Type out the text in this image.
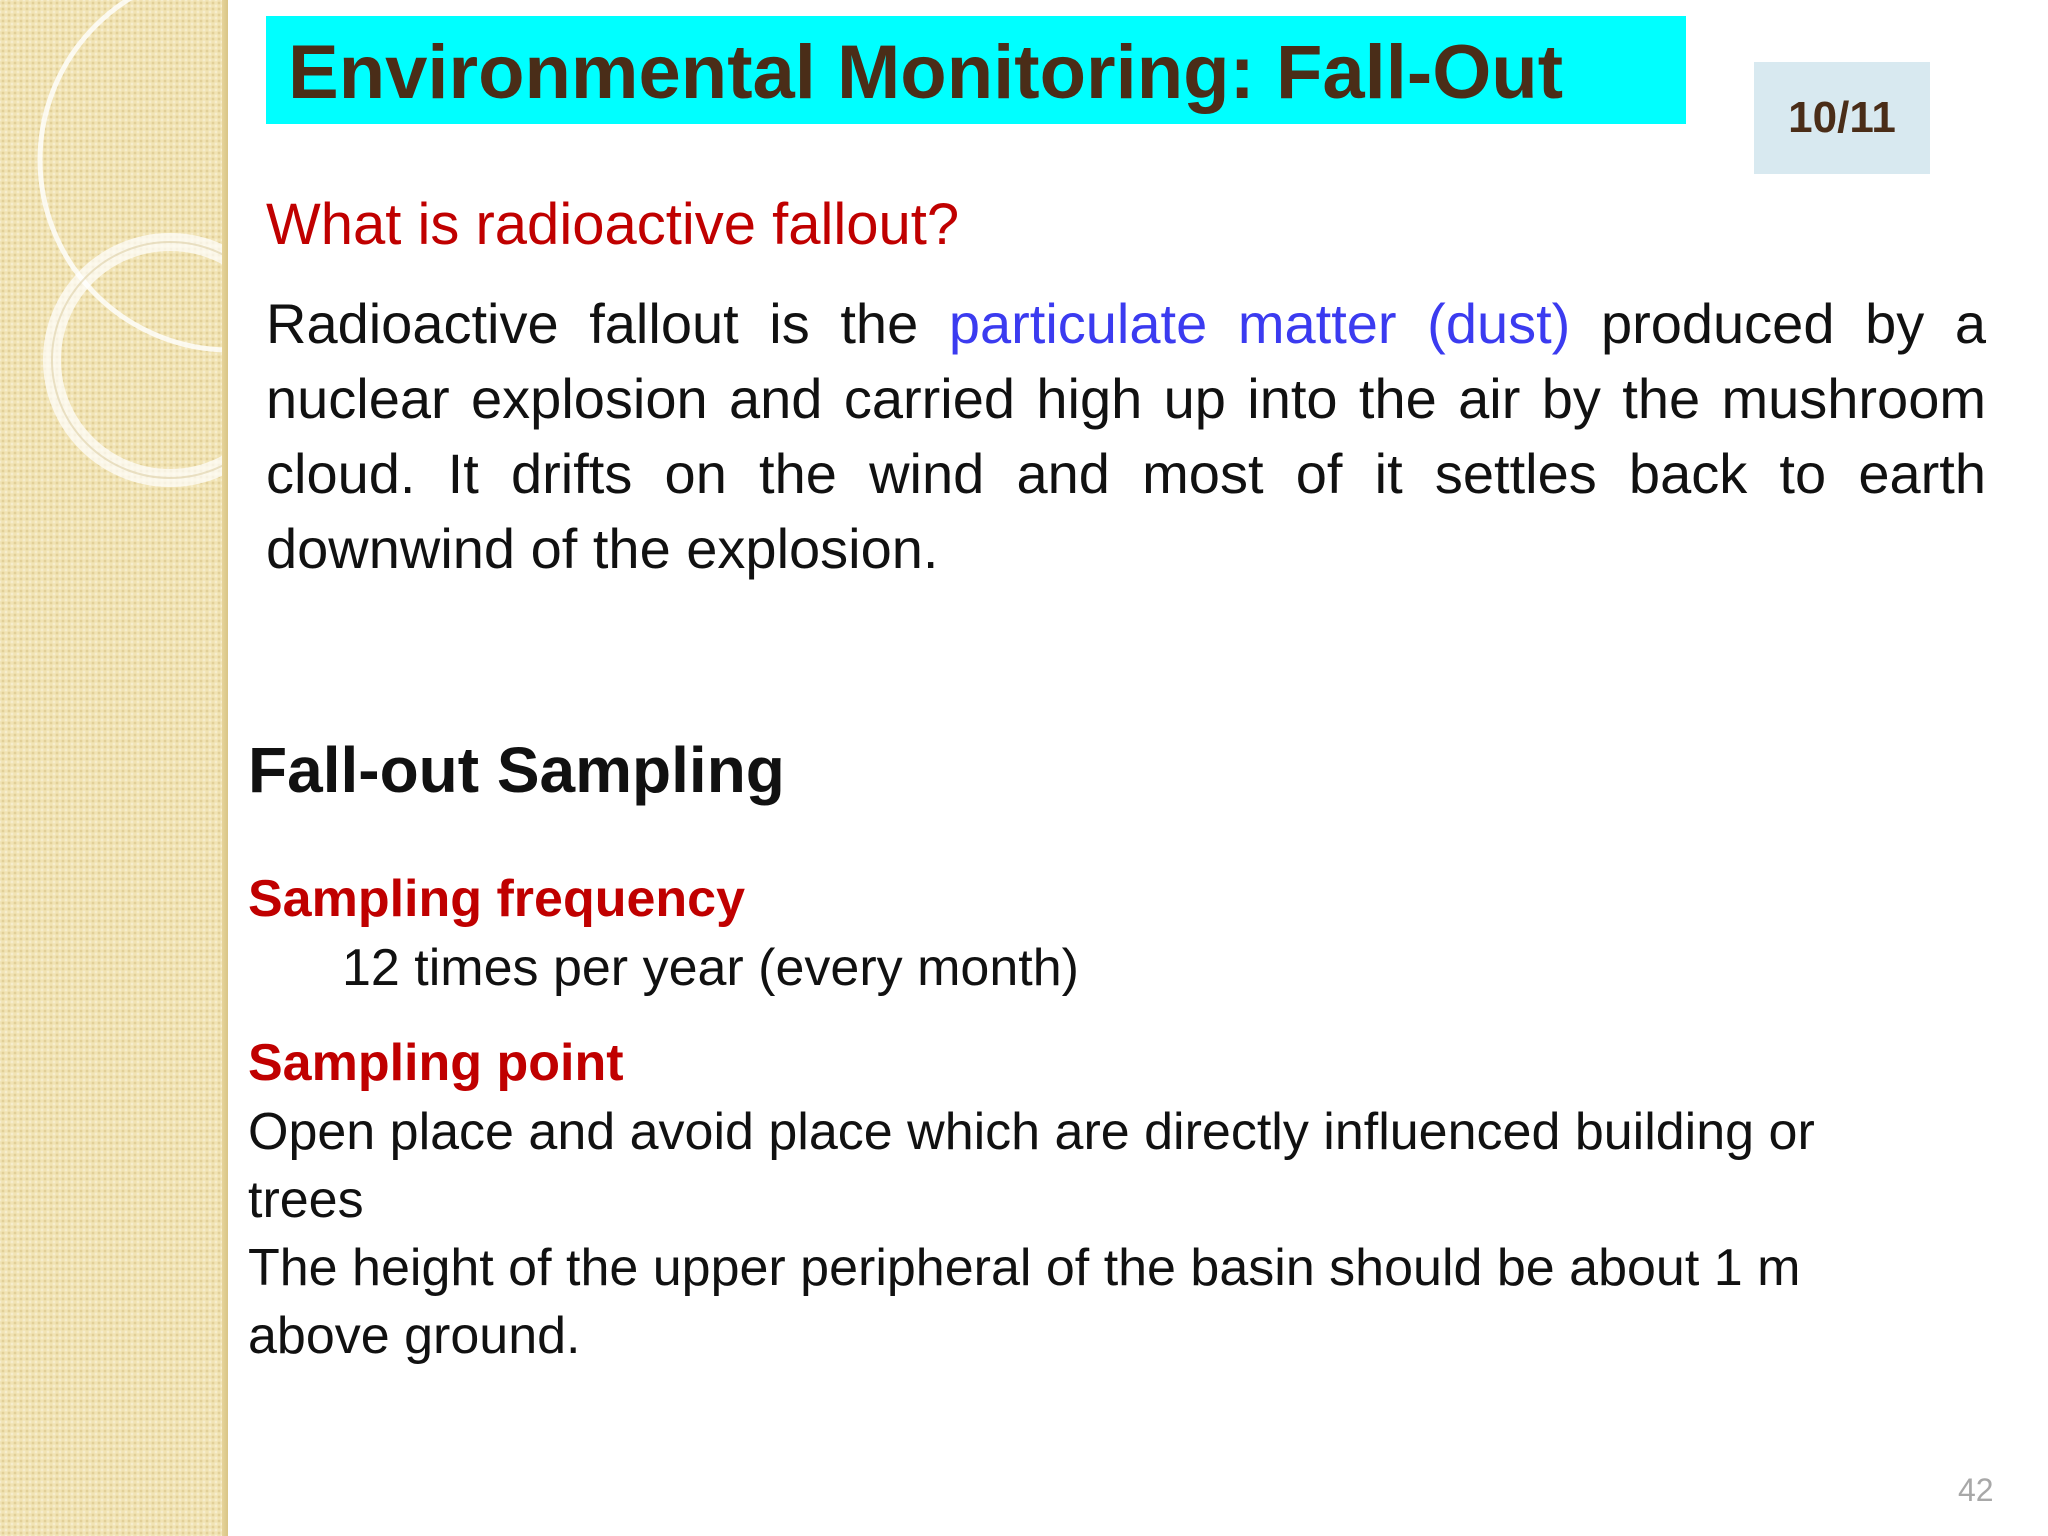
Environmental Monitoring: Fall-Out
10/11
What is radioactive fallout?
Radioactive fallout is the particulate matter (dust) produced by a nuclear explosion and carried high up into the air by the mushroom cloud. It drifts on the wind and most of it settles back to earth downwind of the explosion.
Fall-out Sampling
Sampling frequency
12 times per year (every month)
Sampling point
Open place and avoid place which are directly influenced building or
trees
The height of the upper peripheral of the basin should be about 1 m
above ground.
42
